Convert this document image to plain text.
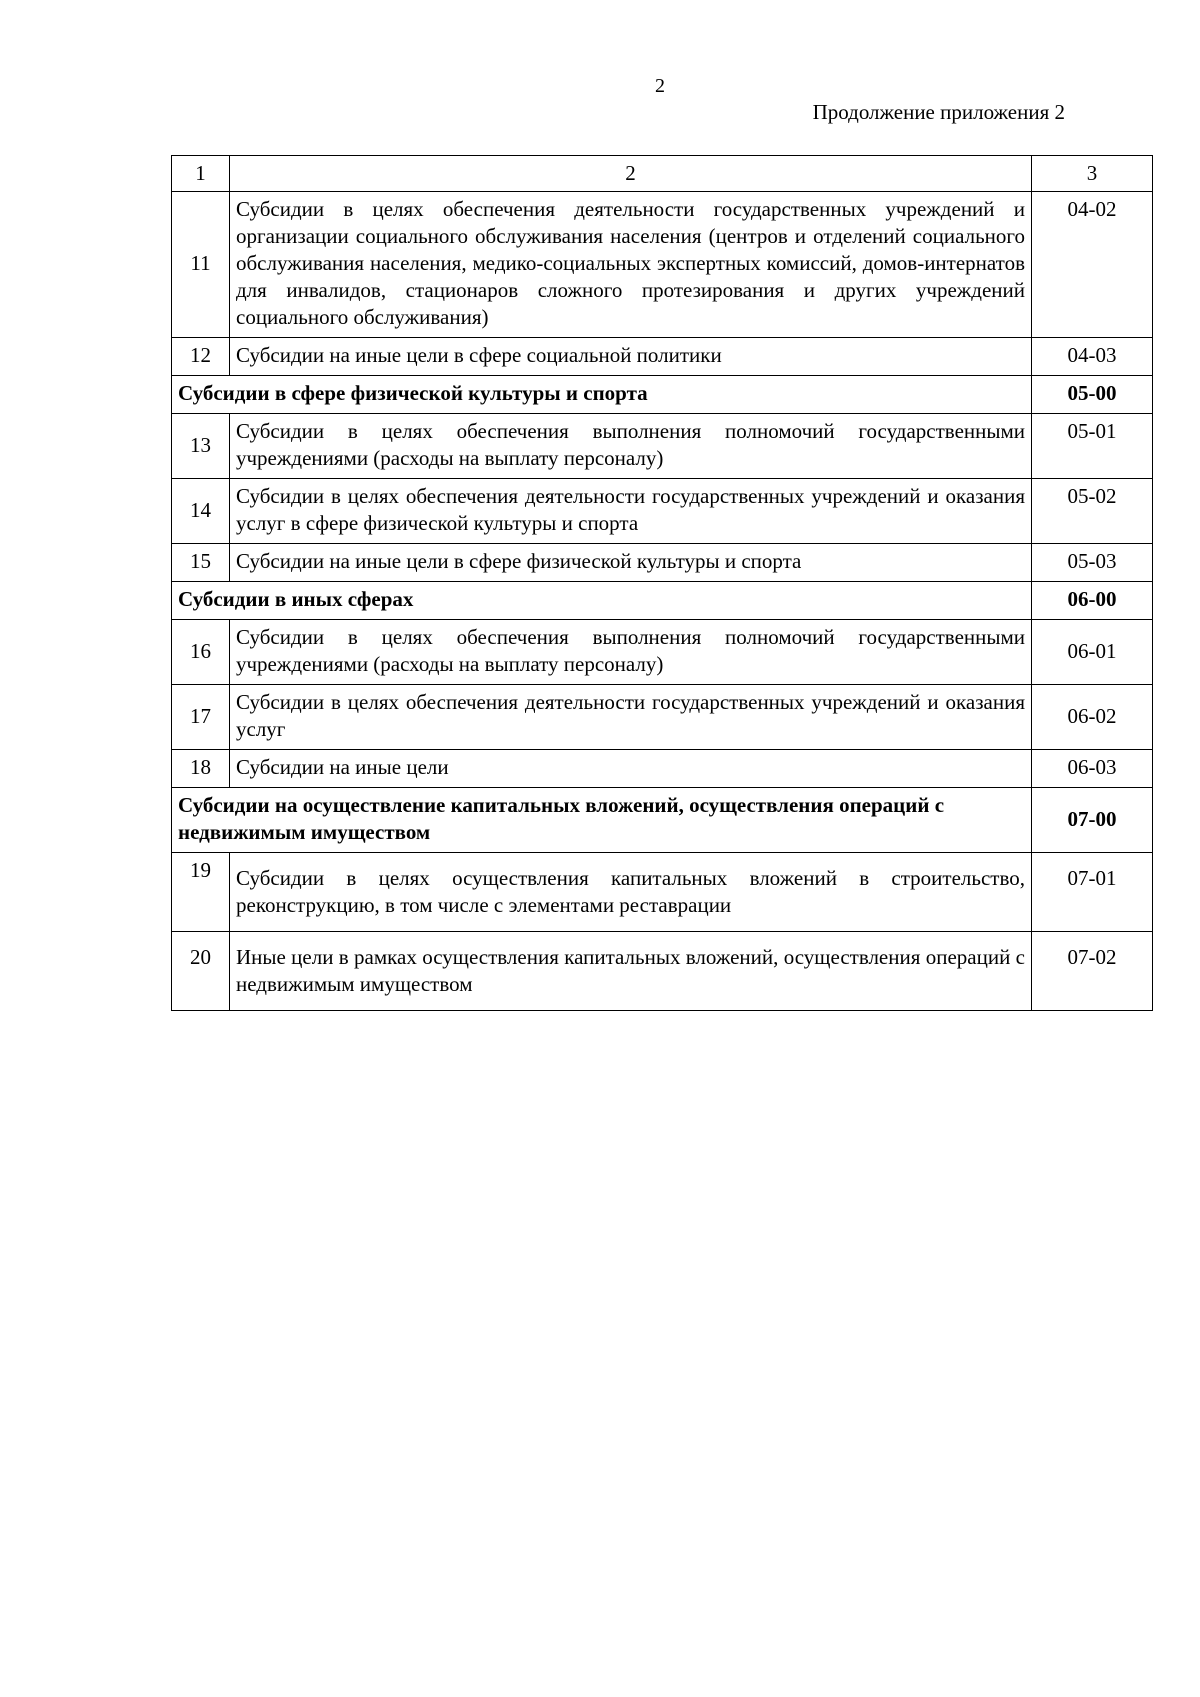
2
Продолжение приложения 2
1	2	3
11	Субсидии в целях обеспечения деятельности государственных учреждений и организации социального обслуживания населения (центров и отделений социального обслуживания населения, медико-социальных экспертных комиссий, домов-интернатов для инвалидов, стационаров сложного протезирования и других учреждений социального обслуживания)	04-02
12	Субсидии на иные цели в сфере социальной политики	04-03
Субсидии в сфере физической культуры и спорта		05-00
13	Субсидии в целях обеспечения выполнения полномочий государственными учреждениями (расходы на выплату персоналу)	05-01
14	Субсидии в целях обеспечения деятельности государственных учреждений и оказания услуг в сфере физической культуры и спорта	05-02
15	Субсидии на иные цели в сфере физической культуры и спорта	05-03
Субсидии в иных сферах		06-00
16	Субсидии в целях обеспечения выполнения полномочий государственными учреждениями (расходы на выплату персоналу)	06-01
17	Субсидии в целях обеспечения деятельности государственных учреждений и оказания услуг	06-02
18	Субсидии на иные цели	06-03
Субсидии на осуществление капитальных вложений, осуществления операций с недвижимым имуществом		07-00
19	Субсидии в целях осуществления капитальных вложений в строительство, реконструкцию, в том числе с элементами реставрации	07-01
20	Иные цели в рамках осуществления капитальных вложений, осуществления операций с недвижимым имуществом	07-02
